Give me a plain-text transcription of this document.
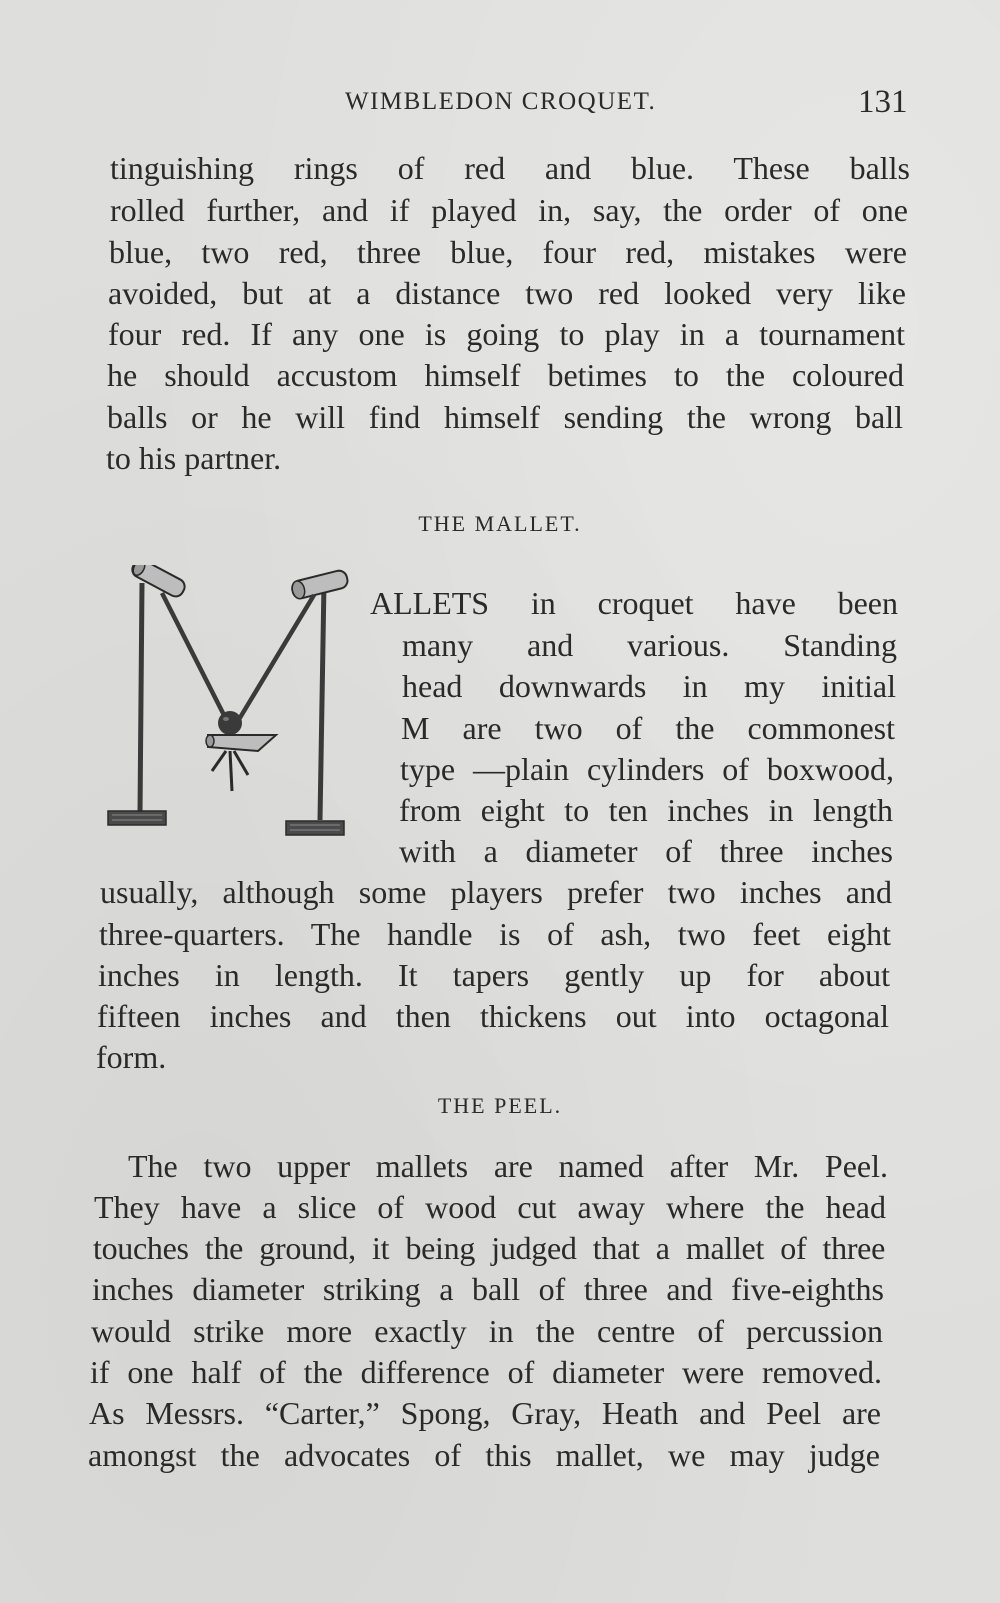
WIMBLEDON CROQUET.	131
tinguishing rings of red and blue. These balls
rolled further, and if played in, say, the order of one
blue, two red, three blue, four red, mistakes were
avoided, but at a distance two red looked very like
four red. If any one is going to play in a tournament
he should accustom himself betimes to the coloured
balls or he will find himself sending the wrong ball
to his partner.
THE MALLET.
ALLETS in croquet have been
many and various. Standing
head downwards in my initial
M are two of the commonest
type —plain cylinders of boxwood,
from eight to ten inches in length
with a diameter of three inches
usually, although some players prefer two inches and
three-quarters. The handle is of ash, two feet eight
inches in length. It tapers gently up for about
fifteen inches and then thickens out into octagonal
form.
THE PEEL.
The two upper mallets are named after Mr. Peel.
They have a slice of wood cut away where the head
touches the ground, it being judged that a mallet of three
inches diameter striking a ball of three and five-eighths
would strike more exactly in the centre of percussion
if one half of the difference of diameter were removed.
As Messrs. “Carter,” Spong, Gray, Heath and Peel are
amongst the advocates of this mallet, we may judge
